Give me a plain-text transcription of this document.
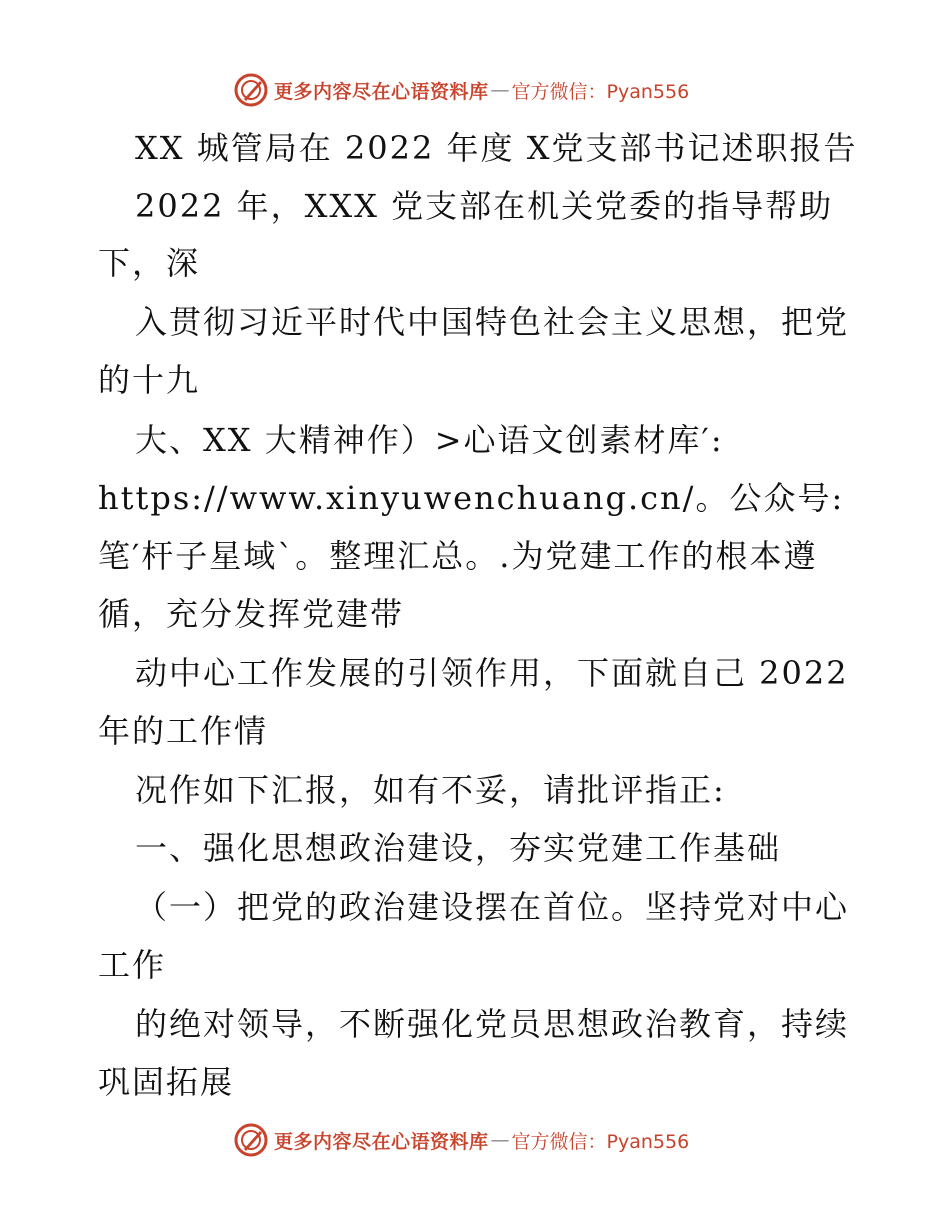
更多内容尽在心语资料库 — 官方微信：Pyan556
XX 城管局在 2022 年度 X党支部书记述职报告
2022 年，XXX 党支部在机关党委的指导帮助
下，深
入贯彻习近平时代中国特色社会主义思想，把党
的十九
大、XX 大精神作）>心语文创素材库′:
https://www.xinyuwenchuang.cn/。公众号:
笔′杆子星域`。整理汇总。.为党建工作的根本遵
循，充分发挥党建带
动中心工作发展的引领作用，下面就自己 2022
年的工作情
况作如下汇报，如有不妥，请批评指正:
一、强化思想政治建设，夯实党建工作基础
（一）把党的政治建设摆在首位。坚持党对中心
工作
的绝对领导，不断强化党员思想政治教育，持续
巩固拓展
更多内容尽在心语资料库 — 官方微信：Pyan556
